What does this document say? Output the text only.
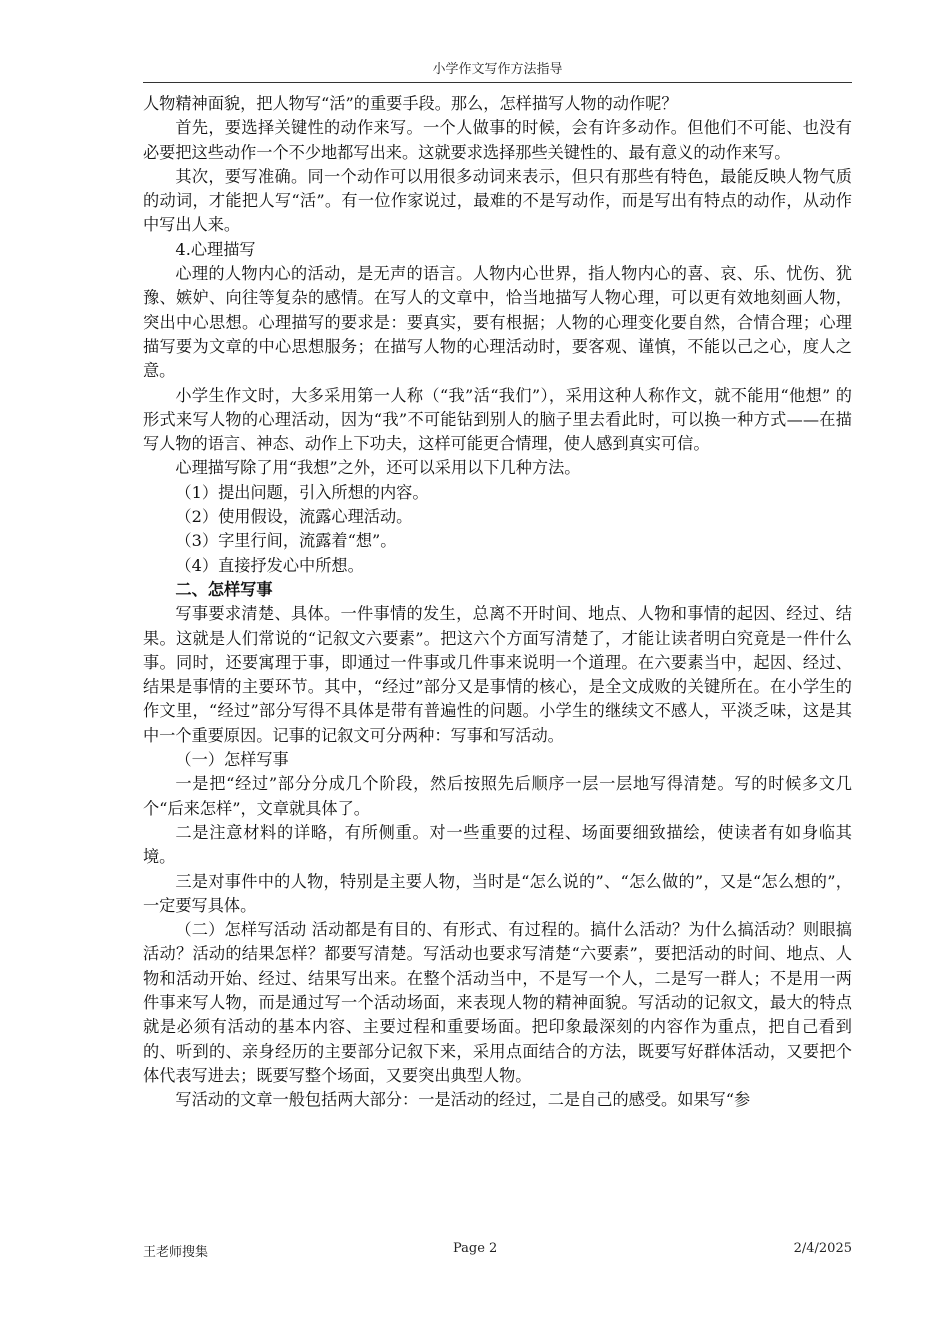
小学作文写作方法指导

人物精神面貌，把人物写“活”的重要手段。那么，怎样描写人物的动作呢？

首先，要选择关键性的动作来写。一个人做事的时候，会有许多动作。但他们不可能、也没有必要把这些动作一个不少地都写出来。这就要求选择那些关键性的、最有意义的动作来写。

其次，要写准确。同一个动作可以用很多动词来表示，但只有那些有特色，最能反映人物气质的动词，才能把人写“活”。有一位作家说过，最难的不是写动作，而是写出有特点的动作，从动作中写出人来。

4.心理描写

心理的人物内心的活动，是无声的语言。人物内心世界，指人物内心的喜、哀、乐、忧伤、犹豫、嫉妒、向往等复杂的感情。在写人的文章中，恰当地描写人物心理，可以更有效地刻画人物，突出中心思想。心理描写的要求是：要真实，要有根据；人物的心理变化要自然，合情合理；心理描写要为文章的中心思想服务；在描写人物的心理活动时，要客观、谨慎，不能以己之心，度人之意。

小学生作文时，大多采用第一人称（“我”活“我们”），采用这种人称作文，就不能用“他想” 的形式来写人物的心理活动，因为“我”不可能钻到别人的脑子里去看此时，可以换一种方式——在描写人物的语言、神态、动作上下功夫，这样可能更合情理，使人感到真实可信。

心理描写除了用“我想”之外，还可以采用以下几种方法。

（1）提出问题，引入所想的内容。

（2）使用假设，流露心理活动。

（3）字里行间，流露着“想”。

（4）直接抒发心中所想。

二、怎样写事

写事要求清楚、具体。一件事情的发生，总离不开时间、地点、人物和事情的起因、经过、结果。这就是人们常说的“记叙文六要素”。把这六个方面写清楚了，才能让读者明白究竟是一件什么事。同时，还要寓理于事，即通过一件事或几件事来说明一个道理。在六要素当中，起因、经过、结果是事情的主要环节。其中，“经过”部分又是事情的核心，是全文成败的关键所在。在小学生的作文里，“经过”部分写得不具体是带有普遍性的问题。小学生的继续文不感人，平淡乏味，这是其中一个重要原因。记事的记叙文可分两种：写事和写活动。

（一）怎样写事

一是把“经过”部分分成几个阶段，然后按照先后顺序一层一层地写得清楚。写的时候多文几个“后来怎样”，文章就具体了。

二是注意材料的详略，有所侧重。对一些重要的过程、场面要细致描绘，使读者有如身临其境。

三是对事件中的人物，特别是主要人物，当时是“怎么说的”、“怎么做的”，又是“怎么想的”，一定要写具体。

（二）怎样写活动 活动都是有目的、有形式、有过程的。搞什么活动？为什么搞活动？则眼搞活动？活动的结果怎样？都要写清楚。写活动也要求写清楚“六要素”，要把活动的时间、地点、人物和活动开始、经过、结果写出来。在整个活动当中，不是写一个人，二是写一群人；不是用一两件事来写人物，而是通过写一个活动场面，来表现人物的精神面貌。写活动的记叙文，最大的特点就是必须有活动的基本内容、主要过程和重要场面。把印象最深刻的内容作为重点，把自己看到的、听到的、亲身经历的主要部分记叙下来，采用点面结合的方法，既要写好群体活动，又要把个体代表写进去；既要写整个场面，又要突出典型人物。

写活动的文章一般包括两大部分：一是活动的经过，二是自己的感受。如果写“参

王老师搜集	Page 2	2/4/2025
